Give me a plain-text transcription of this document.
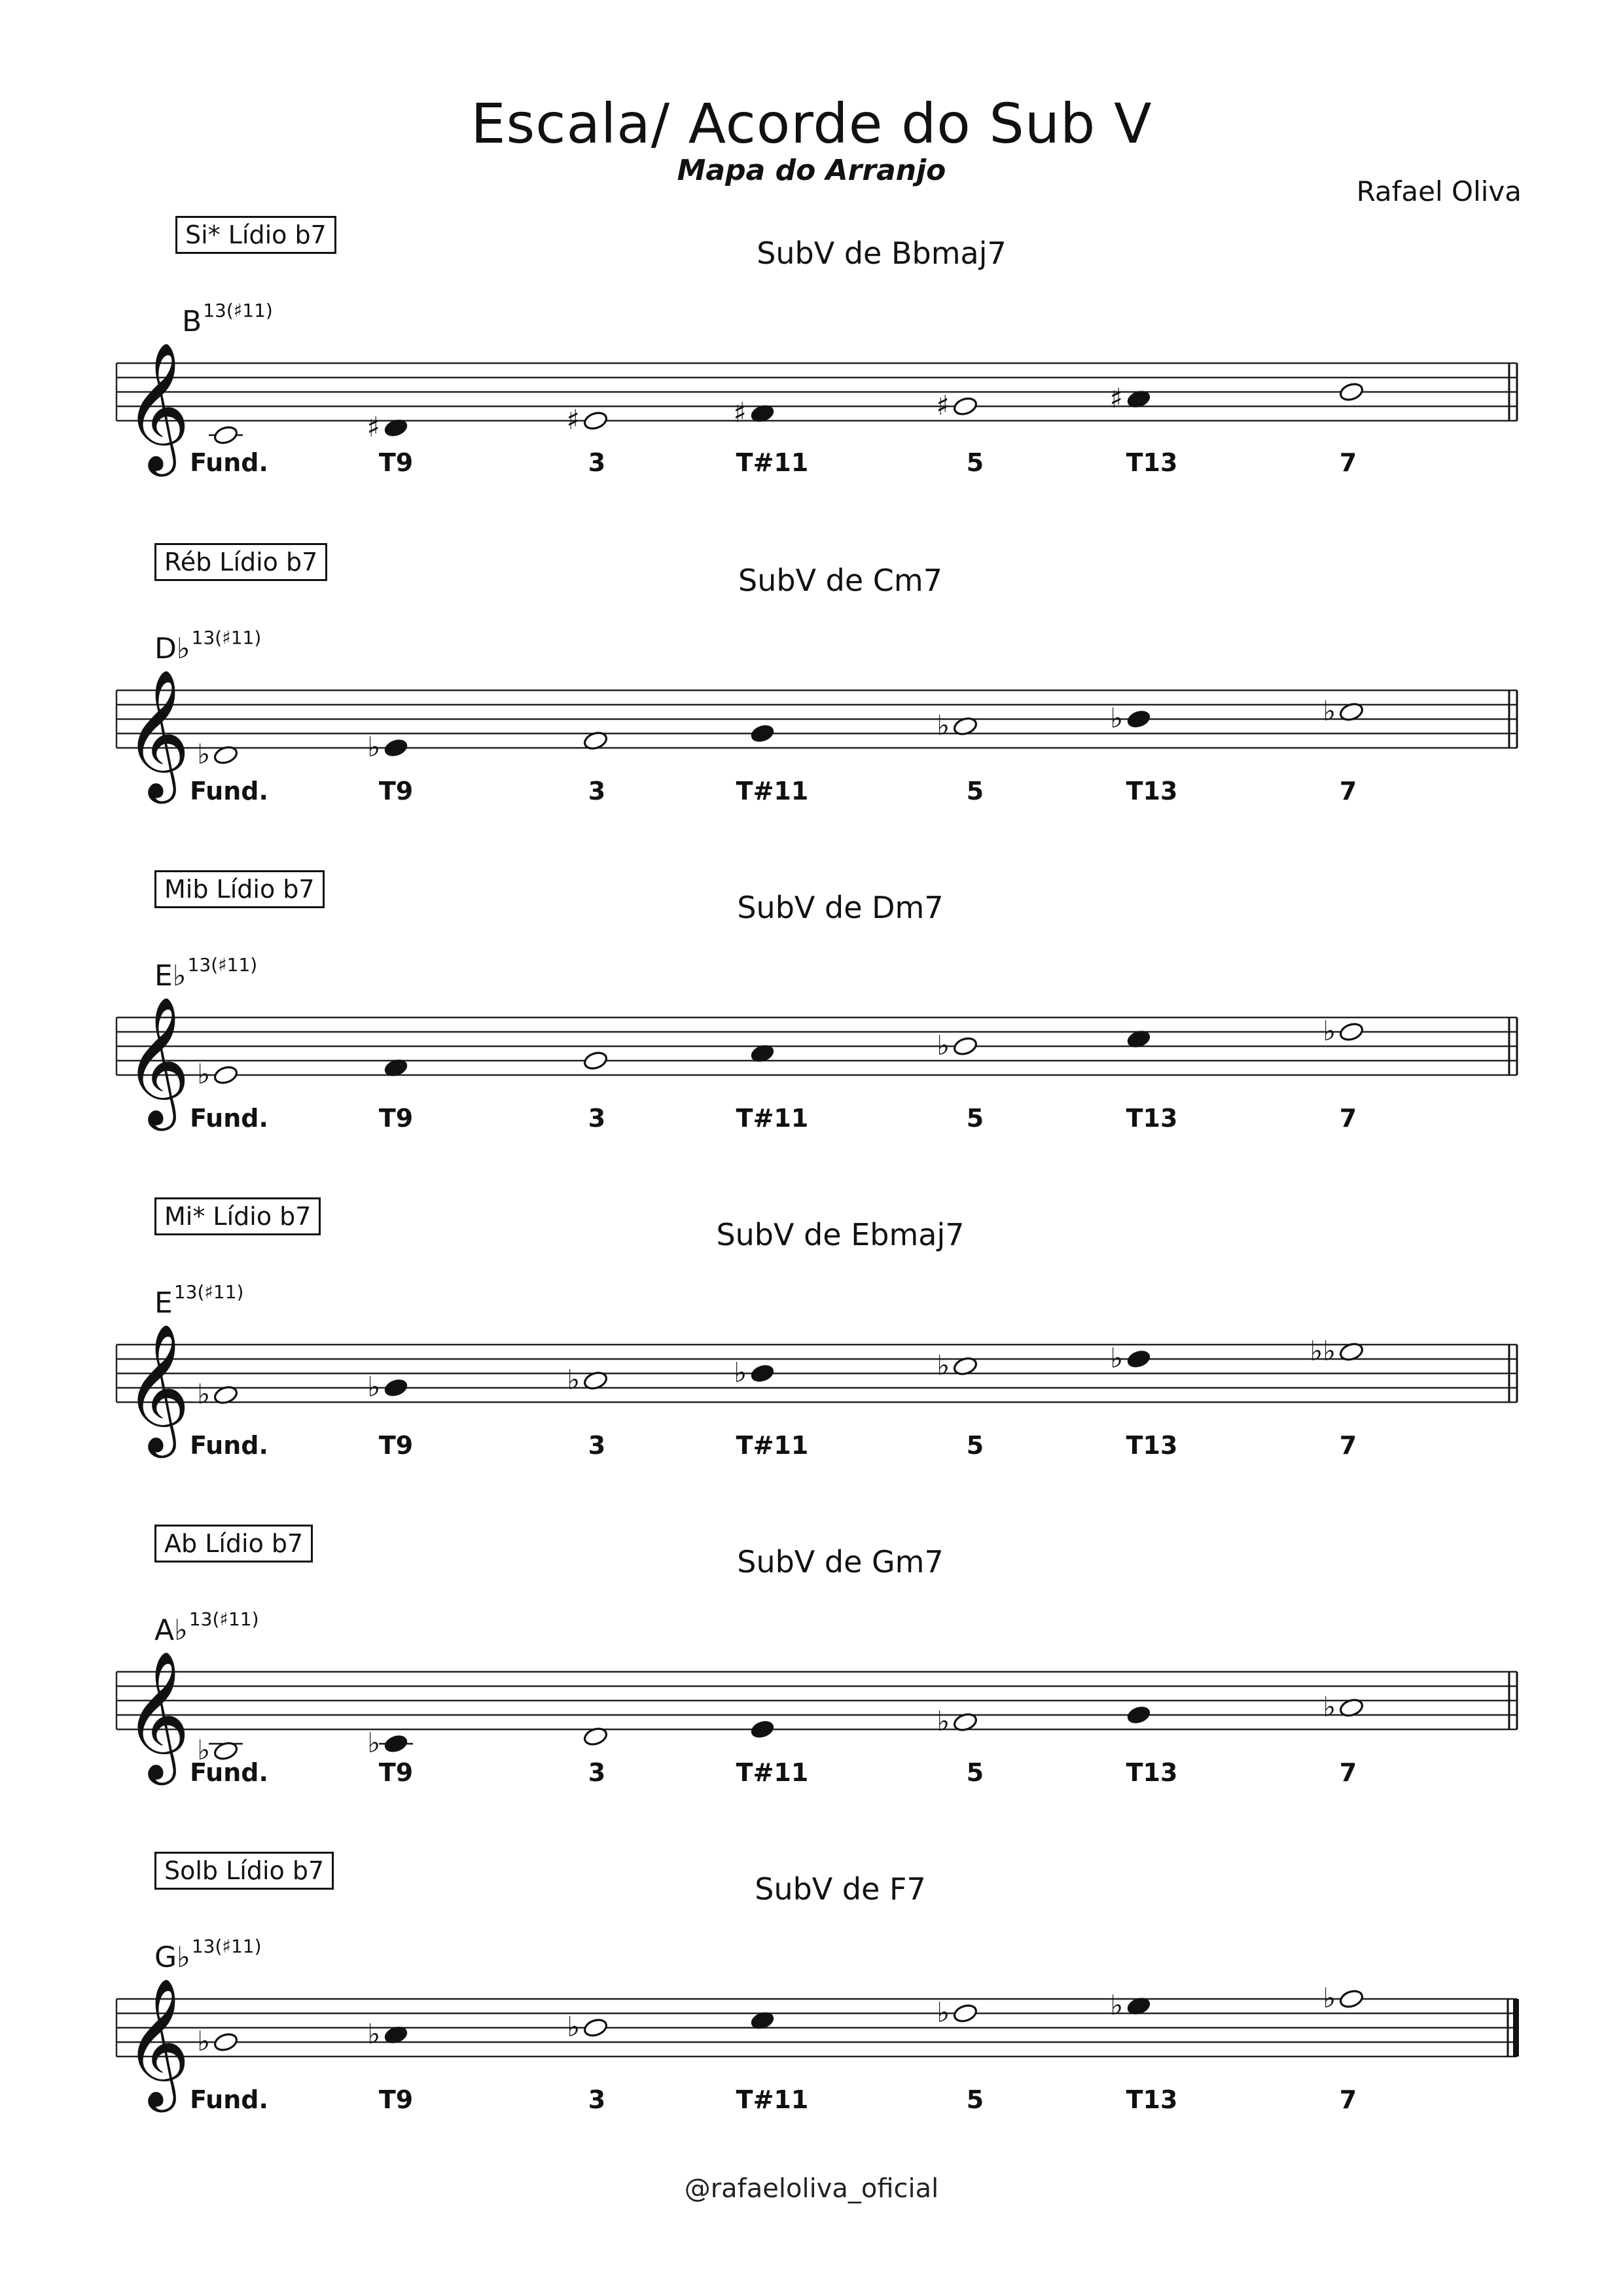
Escala/ Acorde do Sub V
Mapa do Arranjo
Rafael Oliva
Si* Lídio b7
SubV de Bbmaj7
$B^{13(♯11)}$
𝄞	♯	♯	♯	♯	♯
Fund.	T9	3	T#11	5	T13	7
Réb Lídio b7
SubV de Cm7
D♭$^{13(♯11)}$
𝄞 ♭	♭
♭	♭	♭
Fund.	T9	3	T#11	5	T13	7
Mib Lídio b7
SubV de Dm7
E♭$^{13(♯11)}$
𝄞 ♭
♭	♭
Fund.	T9	3	T#11	5	T13	7
Mi* Lídio b7
SubV de Ebmaj7
$E^{13(♯11)}$
𝄞 ♭	♭	♭	♭	♭	♭	♭♭
Fund.	T9	3	T#11	5	T13	7
Ab Lídio b7
SubV de Gm7
A♭$^{13(♯11)}$
𝄞 ♭	♭
♭	♭
Fund.	T9	3	T#11	5	T13	7
Solb Lídio b7
SubV de F7
G♭$^{13(♯11)}$
𝄞 ♭	♭	♭	♭	♭	♭
Fund.	T9	3	T#11	5	T13	7
@rafaeloliva_oficial
